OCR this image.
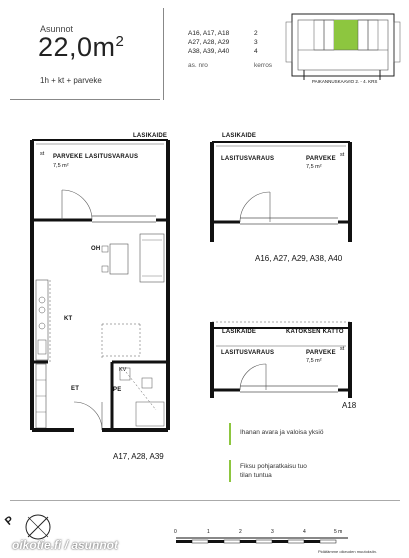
Asunnot
$22,0m^2$
1h + kt + parveke
A16, A17, A18	2
A27, A28, A29	3
A38, A39, A40	4
as. nro	kerros
PAIKANNUSKAAVIO 2. - 4. KRS
LASIKAIDE
st PARVEKE LASITUSVARAUS
7,5 m²
OH
KT
ET	PE
KV
A17, A28, A39
LASIKAIDE
LASITUSVARAUS	PARVEKE
st
7,5 m²
A16, A27, A29, A38, A40
LASIKAIDE	KATOKSEN KATTO
LASITUSVARAUS	PARVEKE
st
7,5 m²
A18
Ihanan avara ja valoisa yksiö
Fiksu pohjaratkaisu tuo
tilan tuntua
P
0	1	2	3	4	5 m
Pidätämme oikeuden muutoksiin.
oikotie.fi / asunnot
